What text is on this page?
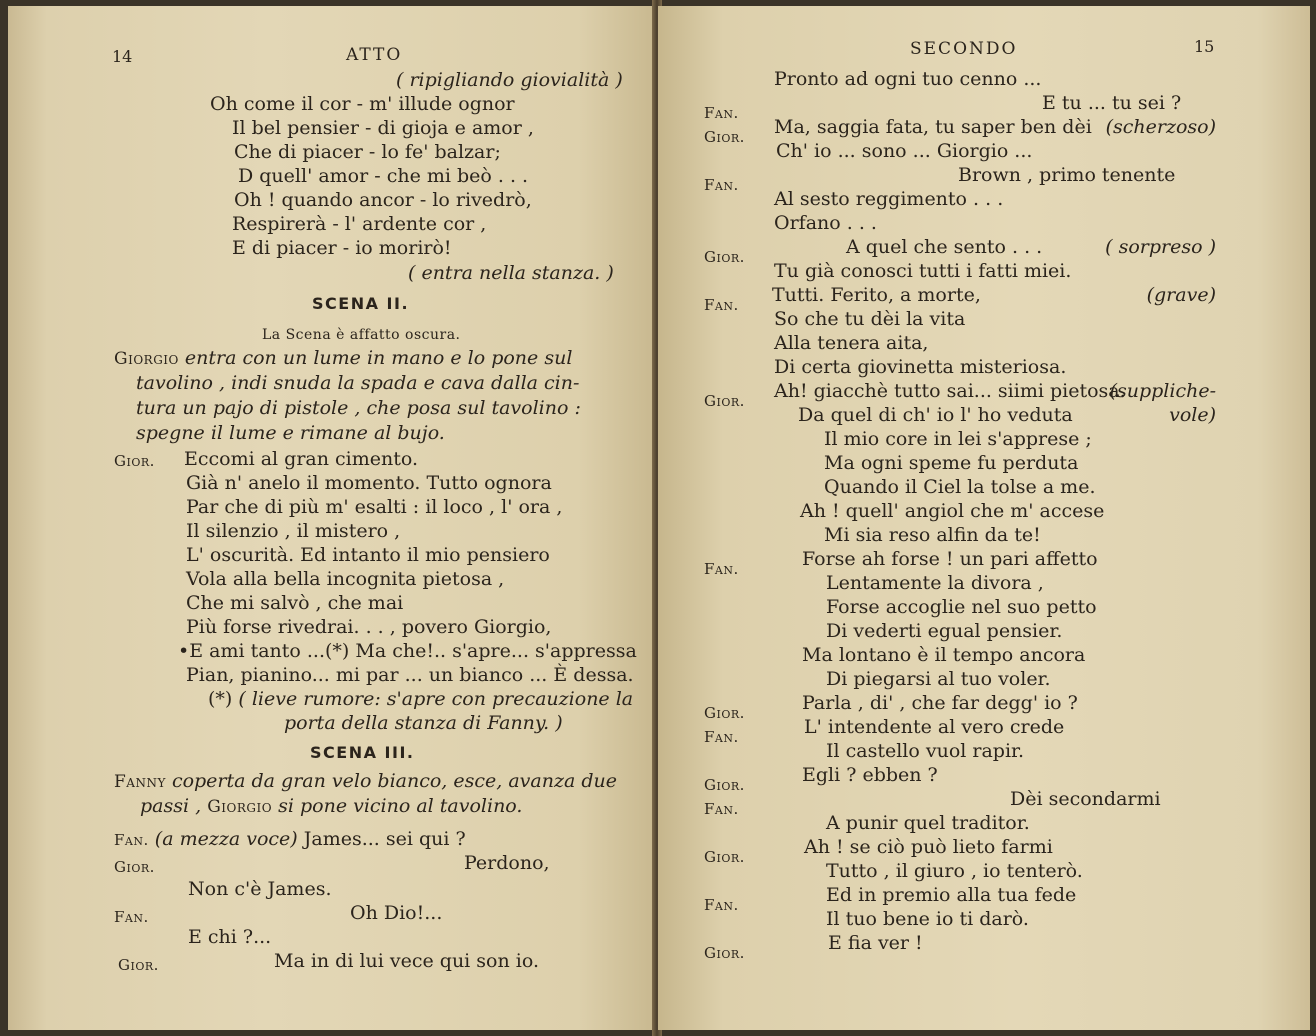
14	ATTO
( ripigliando giovialità )
Oh come il cor - m' illude ognor
Il bel pensier - di gioja e amor ,
Che di piacer - lo fe' balzar;
D quell' amor - che mi beò . . .
Oh ! quando ancor - lo rivedrò,
Respirerà - l' ardente cor ,
E di piacer - io morirò!
( entra nella stanza. )
SCENA II.
La Scena è affatto oscura.
Giorgio entra con un lume in mano e lo pone sul
tavolino , indi snuda la spada e cava dalla cin-
tura un pajo di pistole , che posa sul tavolino :
spegne il lume e rimane al bujo.
Gior. Eccomi al gran cimento.
Già n' anelo il momento. Tutto ognora
Par che di più m' esalti : il loco , l' ora ,
Il silenzio , il mistero ,
L' oscurità. Ed intanto il mio pensiero
Vola alla bella incognita pietosa ,
Che mi salvò , che mai
Più forse rivedrai. . . , povero Giorgio,
•E ami tanto ...(*) Ma che!.. s'apre... s'appressa
Pian, pianino... mi par ... un bianco ... È dessa.
(*) ( lieve rumore: s'apre con precauzione la
porta della stanza di Fanny. )
SCENA III.
Fanny coperta da gran velo bianco, esce, avanza due
passi , Giorgio si pone vicino al tavolino.
Fan. (a mezza voce) James... sei qui ?
Gior.	Perdono,
Non c'è James.
Fan.	Oh Dio!...
E chi ?...
Gior.	Ma in di lui vece qui son io.
SECONDO	15
Pronto ad ogni tuo cenno ...
Fan.	E tu ... tu sei ?
Gior. Ma, saggia fata, tu saper ben dèi (scherzoso)
Ch' io ... sono ... Giorgio ...
Fan.	Brown , primo tenente
Al sesto reggimento . . .
Orfano . . .
Gior.	A quel che sento . . .	( sorpreso )
Tu già conosci tutti i fatti miei.
Fan. Tutti. Ferito, a morte,	(grave)
So che tu dèi la vita
Alla tenera aita,
Di certa giovinetta misteriosa.
Gior. Ah! giacchè tutto sai... siimi pietosa.
(suppliche-
Da quel di ch' io l' ho veduta	vole)
Il mio core in lei s'apprese ;
Ma ogni speme fu perduta
Quando il Ciel la tolse a me.
Ah ! quell' angiol che m' accese
Mi sia reso alfin da te!
Fan.	Forse ah forse ! un pari affetto
Lentamente la divora ,
Forse accoglie nel suo petto
Di vederti egual pensier.
Ma lontano è il tempo ancora
Di piegarsi al tuo voler.
Gior.	Parla , di' , che far degg' io ?
Fan.	L' intendente al vero crede
Il castello vuol rapir.
Gior.	Egli ? ebben ?
Fan.	Dèi secondarmi
A punir quel traditor.
Gior.	Ah ! se ciò può lieto farmi
Tutto , il giuro , io tenterò.
Fan.	Ed in premio alla tua fede
Il tuo bene io ti darò.
Gior.	E fia ver !
